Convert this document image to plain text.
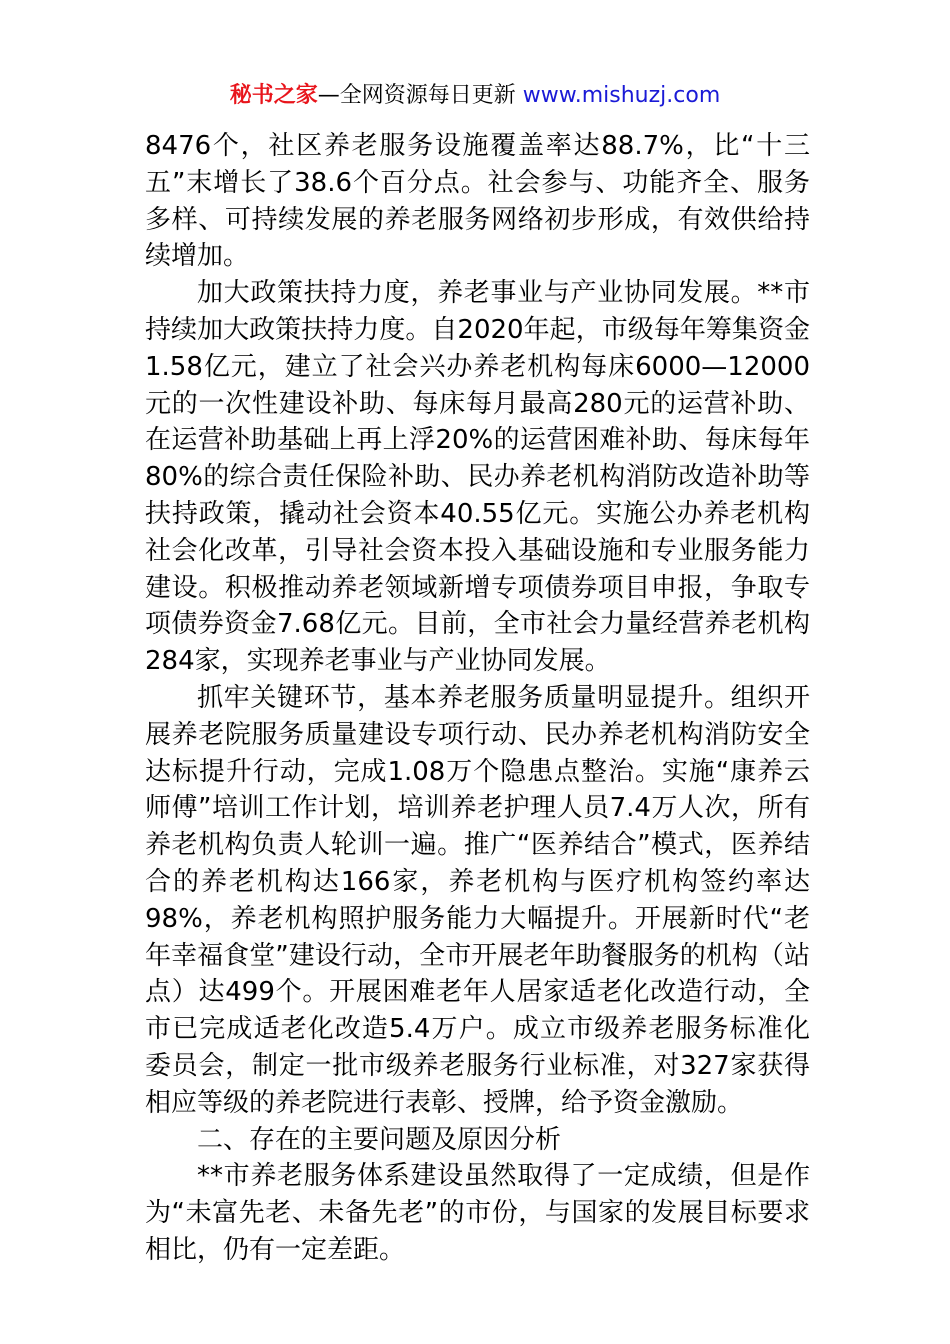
秘书之家—全网资源每日更新 www.mishuzj.com

8476个，社区养老服务设施覆盖率达88.7%，比“十三五”末增长了38.6个百分点。社会参与、功能齐全、服务多样、可持续发展的养老服务网络初步形成，有效供给持续增加。

加大政策扶持力度，养老事业与产业协同发展。**市持续加大政策扶持力度。自2020年起，市级每年筹集资金1.58亿元，建立了社会兴办养老机构每床6000—12000元的一次性建设补助、每床每月最高280元的运营补助、在运营补助基础上再上浮20%的运营困难补助、每床每年80%的综合责任保险补助、民办养老机构消防改造补助等扶持政策，撬动社会资本40.55亿元。实施公办养老机构社会化改革，引导社会资本投入基础设施和专业服务能力建设。积极推动养老领域新增专项债券项目申报，争取专项债券资金7.68亿元。目前，全市社会力量经营养老机构284家，实现养老事业与产业协同发展。

抓牢关键环节，基本养老服务质量明显提升。组织开展养老院服务质量建设专项行动、民办养老机构消防安全达标提升行动，完成1.08万个隐患点整治。实施“康养云师傅”培训工作计划，培训养老护理人员7.4万人次，所有养老机构负责人轮训一遍。推广“医养结合”模式，医养结合的养老机构达166家，养老机构与医疗机构签约率达98%，养老机构照护服务能力大幅提升。开展新时代“老年幸福食堂”建设行动，全市开展老年助餐服务的机构（站点）达499个。开展困难老年人居家适老化改造行动，全市已完成适老化改造5.4万户。成立市级养老服务标准化委员会，制定一批市级养老服务行业标准，对327家获得相应等级的养老院进行表彰、授牌，给予资金激励。

二、存在的主要问题及原因分析

**市养老服务体系建设虽然取得了一定成绩，但是作为“未富先老、未备先老”的市份，与国家的发展目标要求相比，仍有一定差距。
